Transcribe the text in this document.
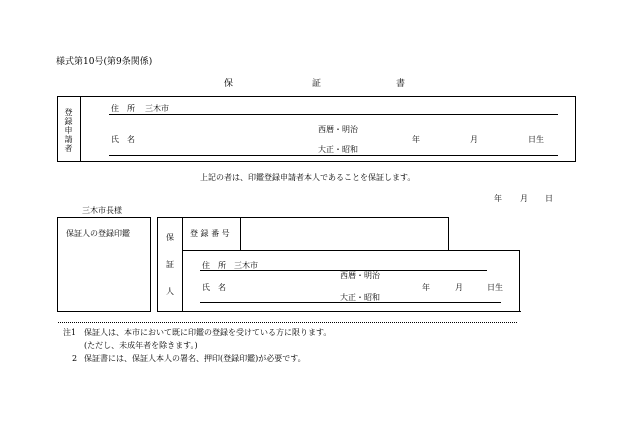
様式第10号(第9条関係)
保	証	書
登録申請者	住　所 三木市
西暦・明治
氏　名	年	月	日生
大正・昭和
上記の者は、印鑑登録申請者本人であることを保証します。
年 月 日
三木市長様
保証人の登録印鑑	保
証
人
登 録 番 号
住　所 三木市
西暦・明治
氏　名	年	月	日生
大正・昭和
注1 保証人は、本市において既に印鑑の登録を受けている方に限ります。
(ただし、未成年者を除きます。)
2 保証書には、保証人本人の署名、押印(登録印鑑)が必要です。
